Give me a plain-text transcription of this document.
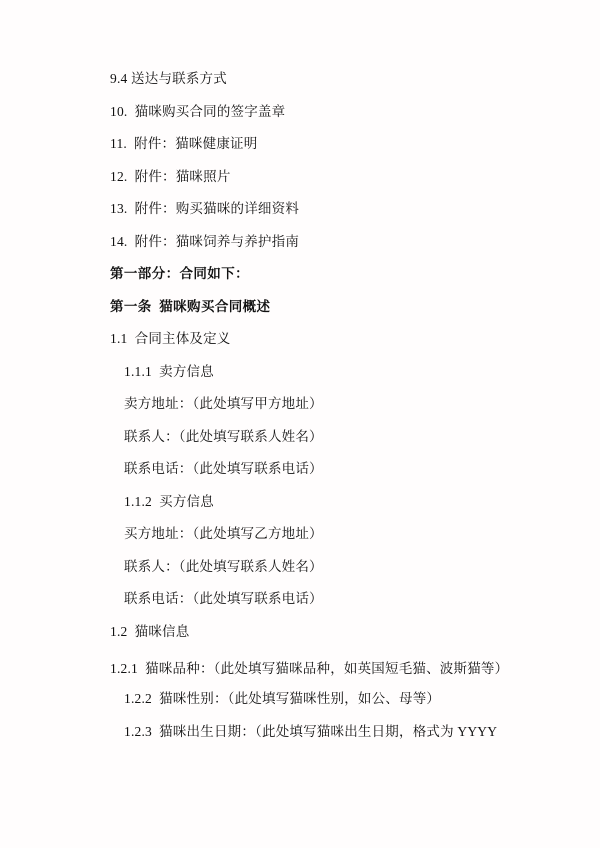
9.4 送达与联系方式
10.  猫咪购买合同的签字盖章
11.  附件：猫咪健康证明
12.  附件：猫咪照片
13.  附件：购买猫咪的详细资料
14.  附件：猫咪饲养与养护指南
第一部分：合同如下：
第一条  猫咪购买合同概述
1.1  合同主体及定义
1.1.1  卖方信息
卖方地址：（此处填写甲方地址）
联系人：（此处填写联系人姓名）
联系电话：（此处填写联系电话）
1.1.2  买方信息
买方地址：（此处填写乙方地址）
联系人：（此处填写联系人姓名）
联系电话：（此处填写联系电话）
1.2  猫咪信息
1.2.1  猫咪品种：（此处填写猫咪品种，如英国短毛猫、波斯猫等）
1.2.2  猫咪性别：（此处填写猫咪性别，如公、母等）
1.2.3  猫咪出生日期：（此处填写猫咪出生日期，格式为 YYYY
